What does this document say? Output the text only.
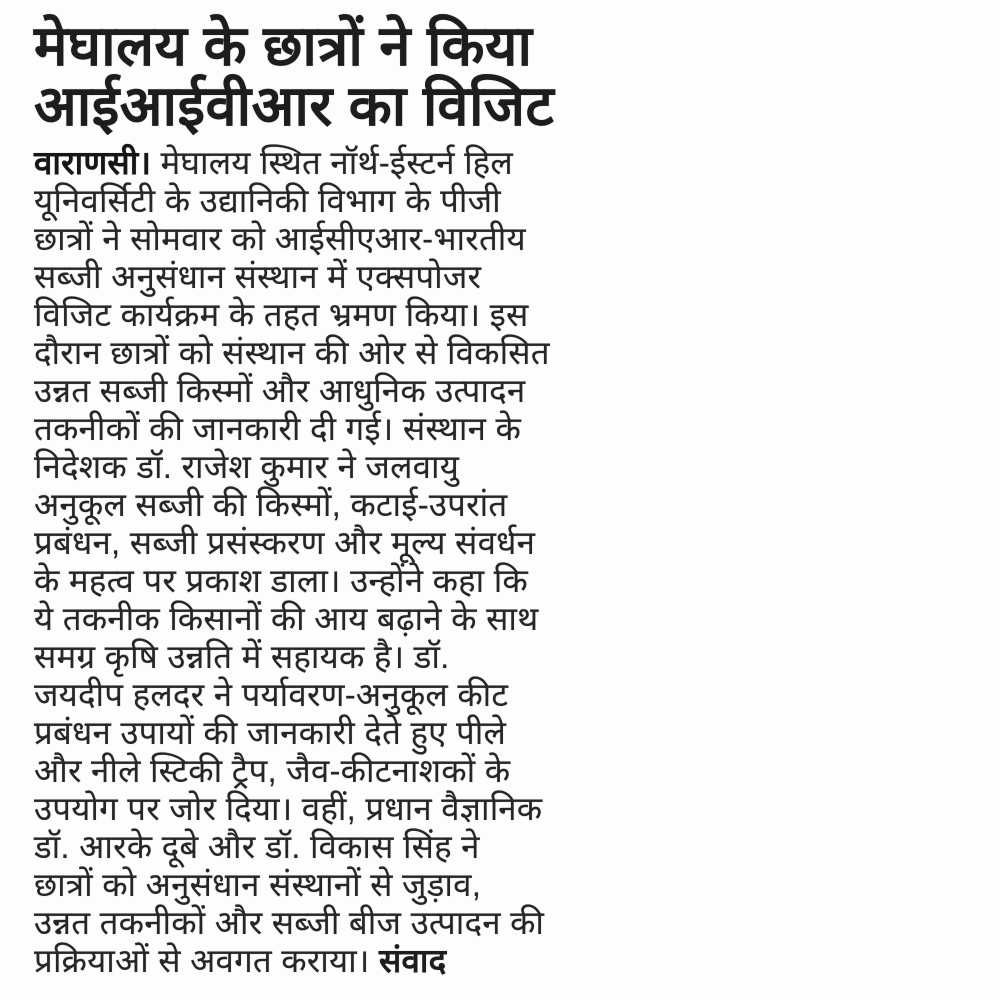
मेघालय के छात्रों ने किया
आईआईवीआर का विजिट
वाराणसी। मेघालय स्थित नॉर्थ-ईस्टर्न हिल
यूनिवर्सिटी के उद्यानिकी विभाग के पीजी
छात्रों ने सोमवार को आईसीएआर-भारतीय
सब्जी अनुसंधान संस्थान में एक्सपोजर
विजिट कार्यक्रम के तहत भ्रमण किया। इस
दौरान छात्रों को संस्थान की ओर से विकसित
उन्नत सब्जी किस्मों और आधुनिक उत्पादन
तकनीकों की जानकारी दी गई। संस्थान के
निदेशक डॉ. राजेश कुमार ने जलवायु
अनुकूल सब्जी की किस्मों, कटाई-उपरांत
प्रबंधन, सब्जी प्रसंस्करण और मूल्य संवर्धन
के महत्व पर प्रकाश डाला। उन्होंने कहा कि
ये तकनीक किसानों की आय बढ़ाने के साथ
समग्र कृषि उन्नति में सहायक है। डॉ.
जयदीप हलदर ने पर्यावरण-अनुकूल कीट
प्रबंधन उपायों की जानकारी देते हुए पीले
और नीले स्टिकी ट्रैप, जैव-कीटनाशकों के
उपयोग पर जोर दिया। वहीं, प्रधान वैज्ञानिक
डॉ. आरके दूबे और डॉ. विकास सिंह ने
छात्रों को अनुसंधान संस्थानों से जुड़ाव,
उन्नत तकनीकों और सब्जी बीज उत्पादन की
प्रक्रियाओं से अवगत कराया। संवाद
